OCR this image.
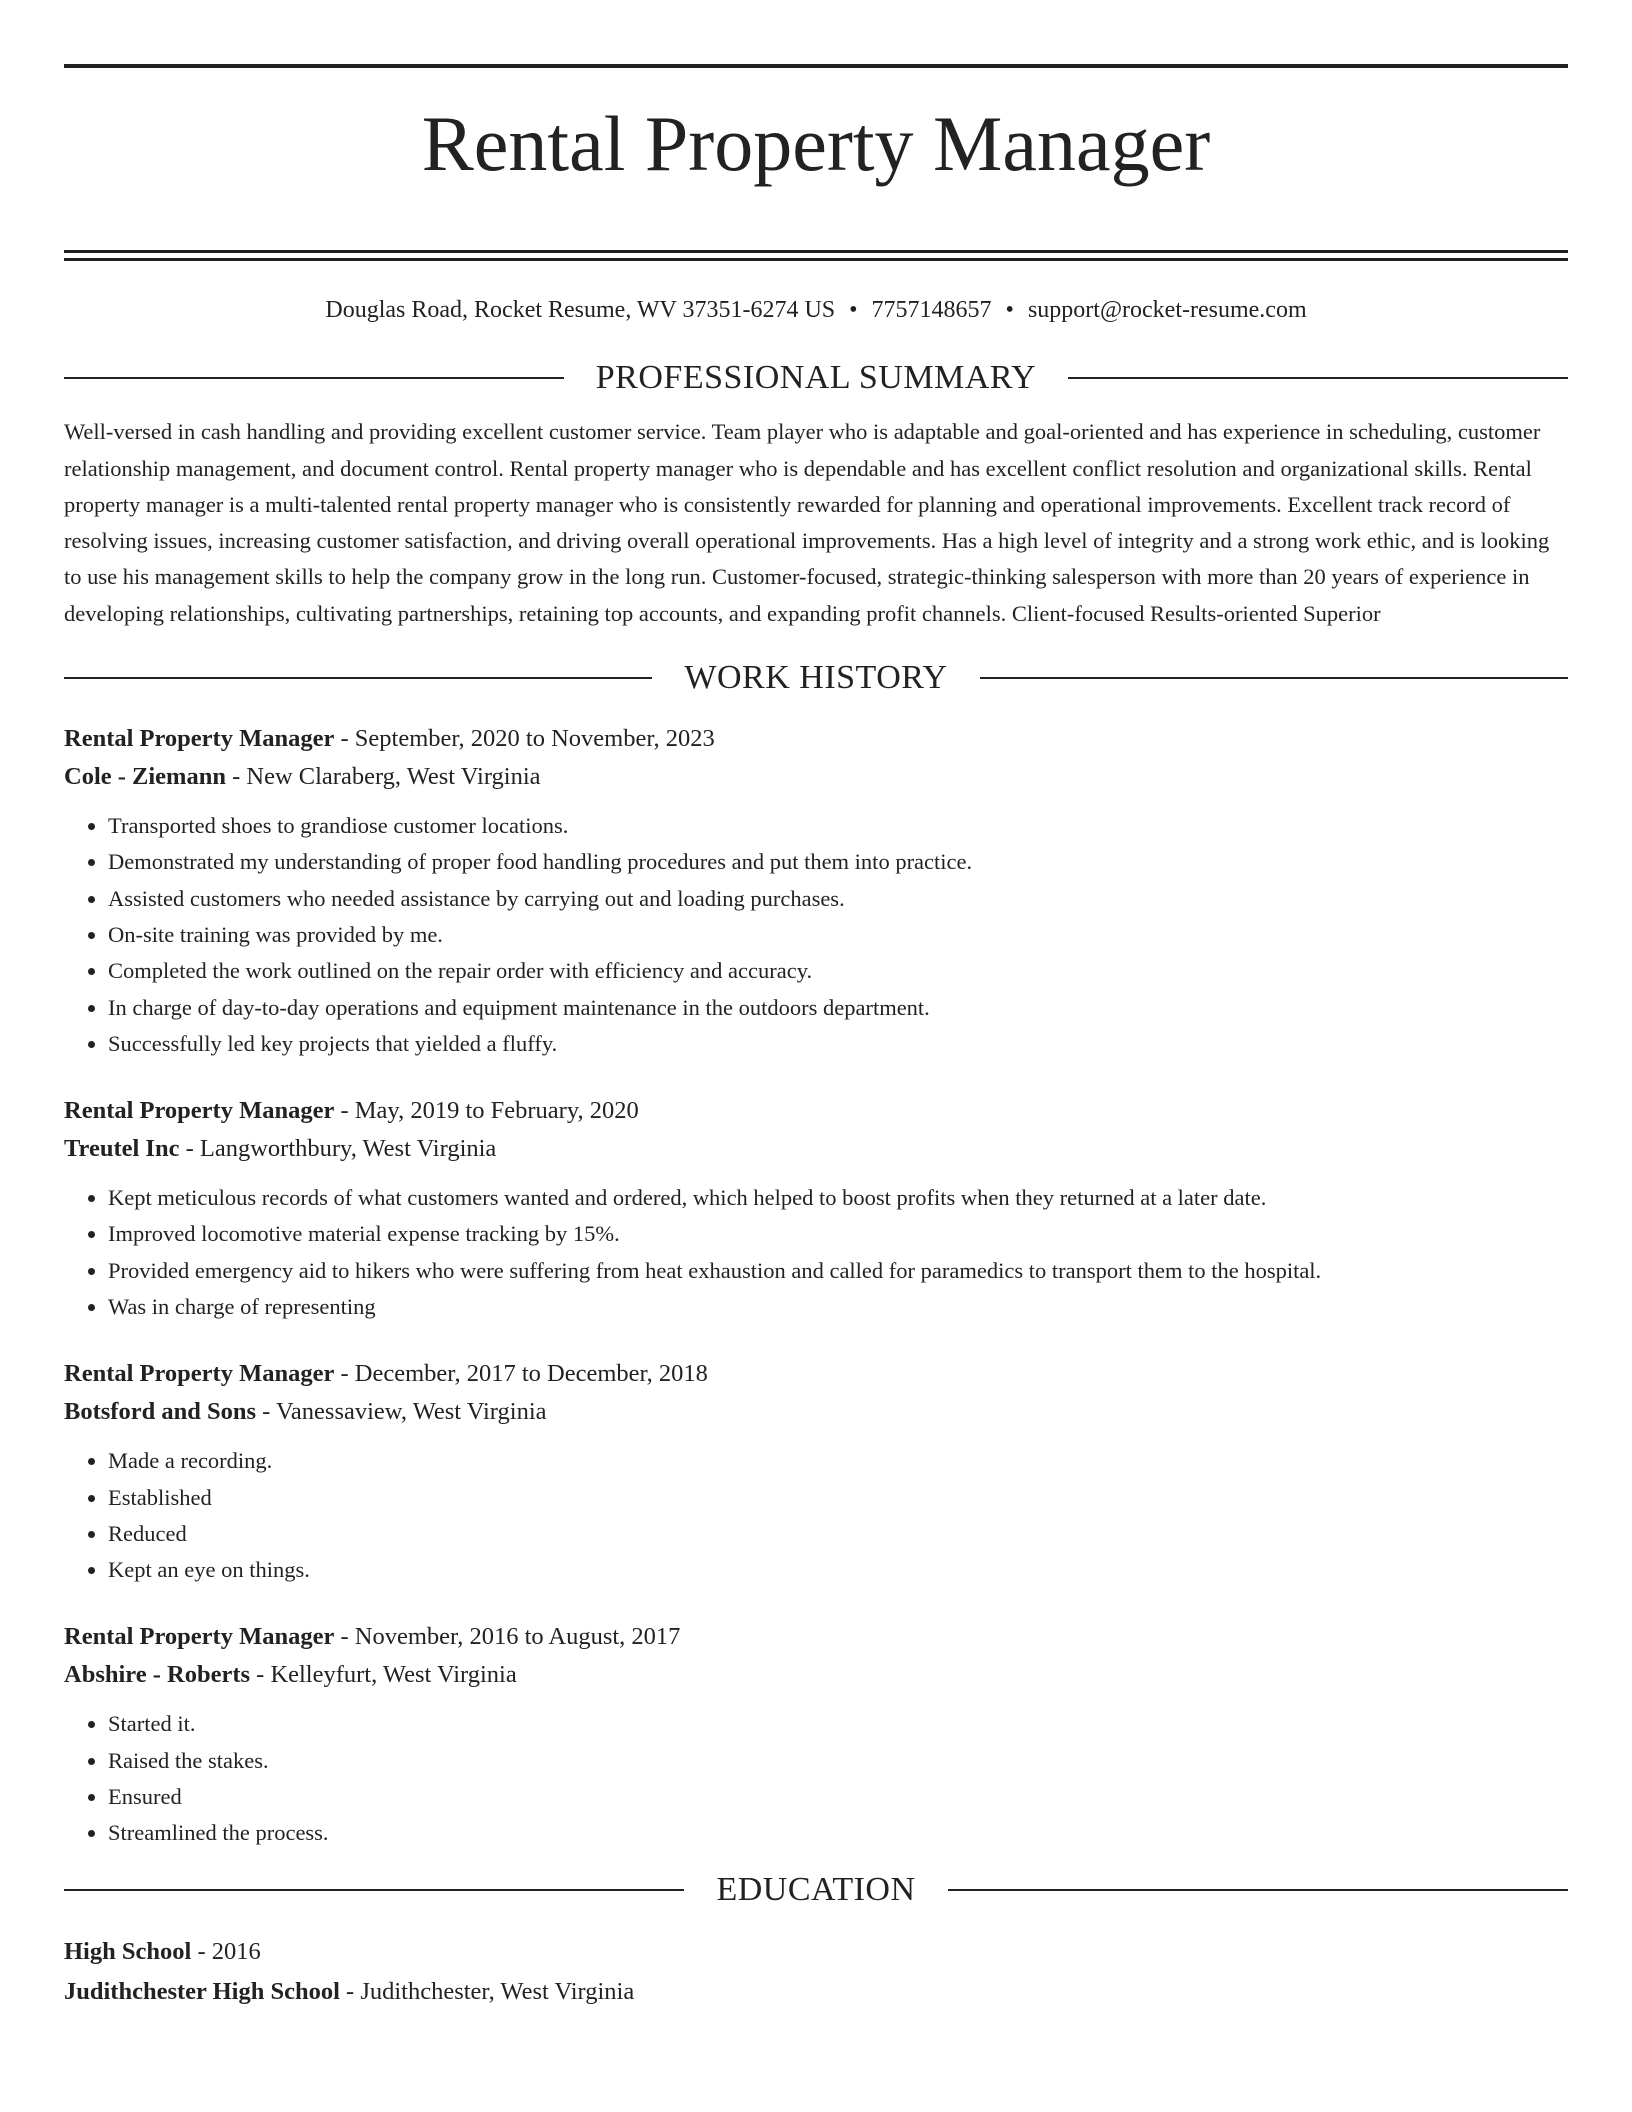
Rental Property Manager
Douglas Road, Rocket Resume, WV 37351-6274 US • 7757148657 • support@rocket-resume.com
PROFESSIONAL SUMMARY

Well-versed in cash handling and providing excellent customer service. Team player who is adaptable and goal-oriented and has experience in scheduling, customer relationship management, and document control. Rental property manager who is dependable and has excellent conflict resolution and organizational skills. Rental property manager is a multi-talented rental property manager who is consistently rewarded for planning and operational improvements. Excellent track record of resolving issues, increasing customer satisfaction, and driving overall operational improvements. Has a high level of integrity and a strong work ethic, and is looking to use his management skills to help the company grow in the long run. Customer-focused, strategic-thinking salesperson with more than 20 years of experience in developing relationships, cultivating partnerships, retaining top accounts, and expanding profit channels. Client-focused Results-oriented Superior

WORK HISTORY
Rental Property Manager - September, 2020 to November, 2023
Cole - Ziemann - New Claraberg, West Virginia
• Transported shoes to grandiose customer locations.
• Demonstrated my understanding of proper food handling procedures and put them into practice.
• Assisted customers who needed assistance by carrying out and loading purchases.
• On-site training was provided by me.
• Completed the work outlined on the repair order with efficiency and accuracy.
• In charge of day-to-day operations and equipment maintenance in the outdoors department.
• Successfully led key projects that yielded a fluffy.
Rental Property Manager - May, 2019 to February, 2020
Treutel Inc - Langworthbury, West Virginia
• Kept meticulous records of what customers wanted and ordered, which helped to boost profits when they returned at a later date.
• Improved locomotive material expense tracking by 15%.
• Provided emergency aid to hikers who were suffering from heat exhaustion and called for paramedics to transport them to the hospital.
• Was in charge of representing
Rental Property Manager - December, 2017 to December, 2018
Botsford and Sons - Vanessaview, West Virginia
• Made a recording.
• Established
• Reduced
• Kept an eye on things.
Rental Property Manager - November, 2016 to August, 2017
Abshire - Roberts - Kelleyfurt, West Virginia
• Started it.
• Raised the stakes.
• Ensured
• Streamlined the process.
EDUCATION
High School - 2016
Judithchester High School - Judithchester, West Virginia
